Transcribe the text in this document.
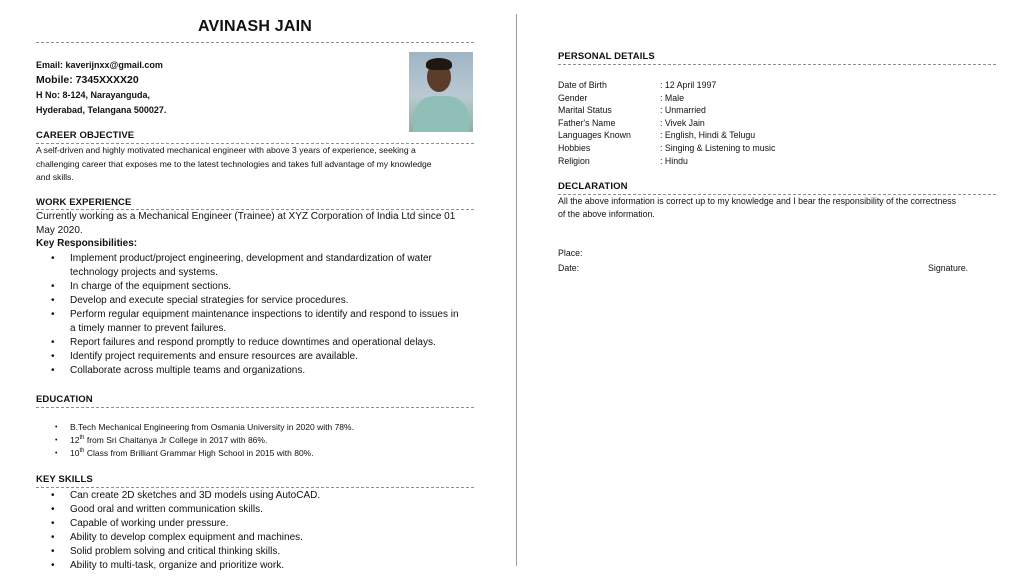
AVINASH JAIN
Email: kaverijnxx@gmail.com
Mobile: 7345XXXX20
H No: 8-124, Narayanguda,
Hyderabad, Telangana 500027.
CAREER OBJECTIVE
A self-driven and highly motivated mechanical engineer with above 3 years of experience, seeking a
challenging career that exposes me to the latest technologies and takes full advantage of my knowledge
and skills.
WORK EXPERIENCE
Currently working as a Mechanical Engineer (Trainee) at XYZ Corporation of India Ltd since 01
May 2020.
Key Responsibilities:
• Implement product/project engineering, development and standardization of water
technology projects and systems.
• In charge of the equipment sections.
• Develop and execute special strategies for service procedures.
• Perform regular equipment maintenance inspections to identify and respond to issues in
a timely manner to prevent failures.
• Report failures and respond promptly to reduce downtimes and operational delays.
• Identify project requirements and ensure resources are available.
• Collaborate across multiple teams and organizations.
EDUCATION
• B.Tech Mechanical Engineering from Osmania University in 2020 with 78%.
• 12th from Sri Chaitanya Jr College in 2017 with 86%.
• 10th Class from Brilliant Grammar High School in 2015 with 80%.
KEY SKILLS
• Can create 2D sketches and 3D models using AutoCAD.
• Good oral and written communication skills.
• Capable of working under pressure.
• Ability to develop complex equipment and machines.
• Solid problem solving and critical thinking skills.
• Ability to multi-task, organize and prioritize work.
PERSONAL DETAILS
Date of Birth	: 12 April 1997
Gender	: Male
Marital Status	: Unmarried
Father's Name	: Vivek Jain
Languages Known	: English, Hindi & Telugu
Hobbies	: Singing & Listening to music
Religion	: Hindu
DECLARATION
All the above information is correct up to my knowledge and I bear the responsibility of the correctness
of the above information.
Place:
Date:	Signature.
